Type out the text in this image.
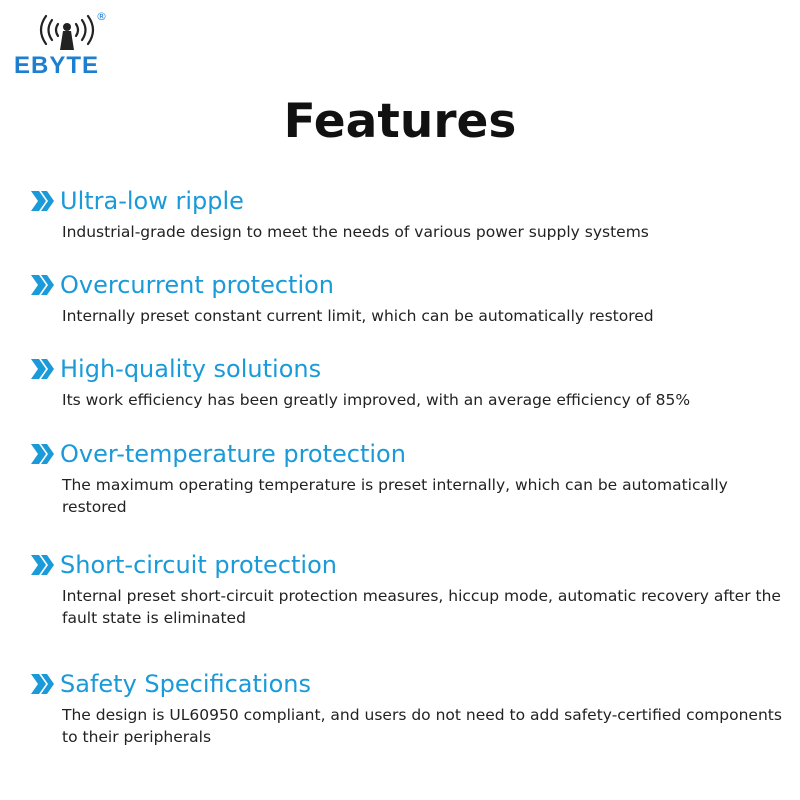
®
EBYTE
Features
Ultra-low ripple
Industrial-grade design to meet the needs of various power supply systems
Overcurrent protection
Internally preset constant current limit, which can be automatically restored
High-quality solutions
Its work efficiency has been greatly improved, with an average efficiency of 85%
Over-temperature protection
The maximum operating temperature is preset internally, which can be automatically restored
Short-circuit protection
Internal preset short-circuit protection measures, hiccup mode, automatic recovery after the fault state is eliminated
Safety Specifications
The design is UL60950 compliant, and users do not need to add safety-certified components to their peripherals
